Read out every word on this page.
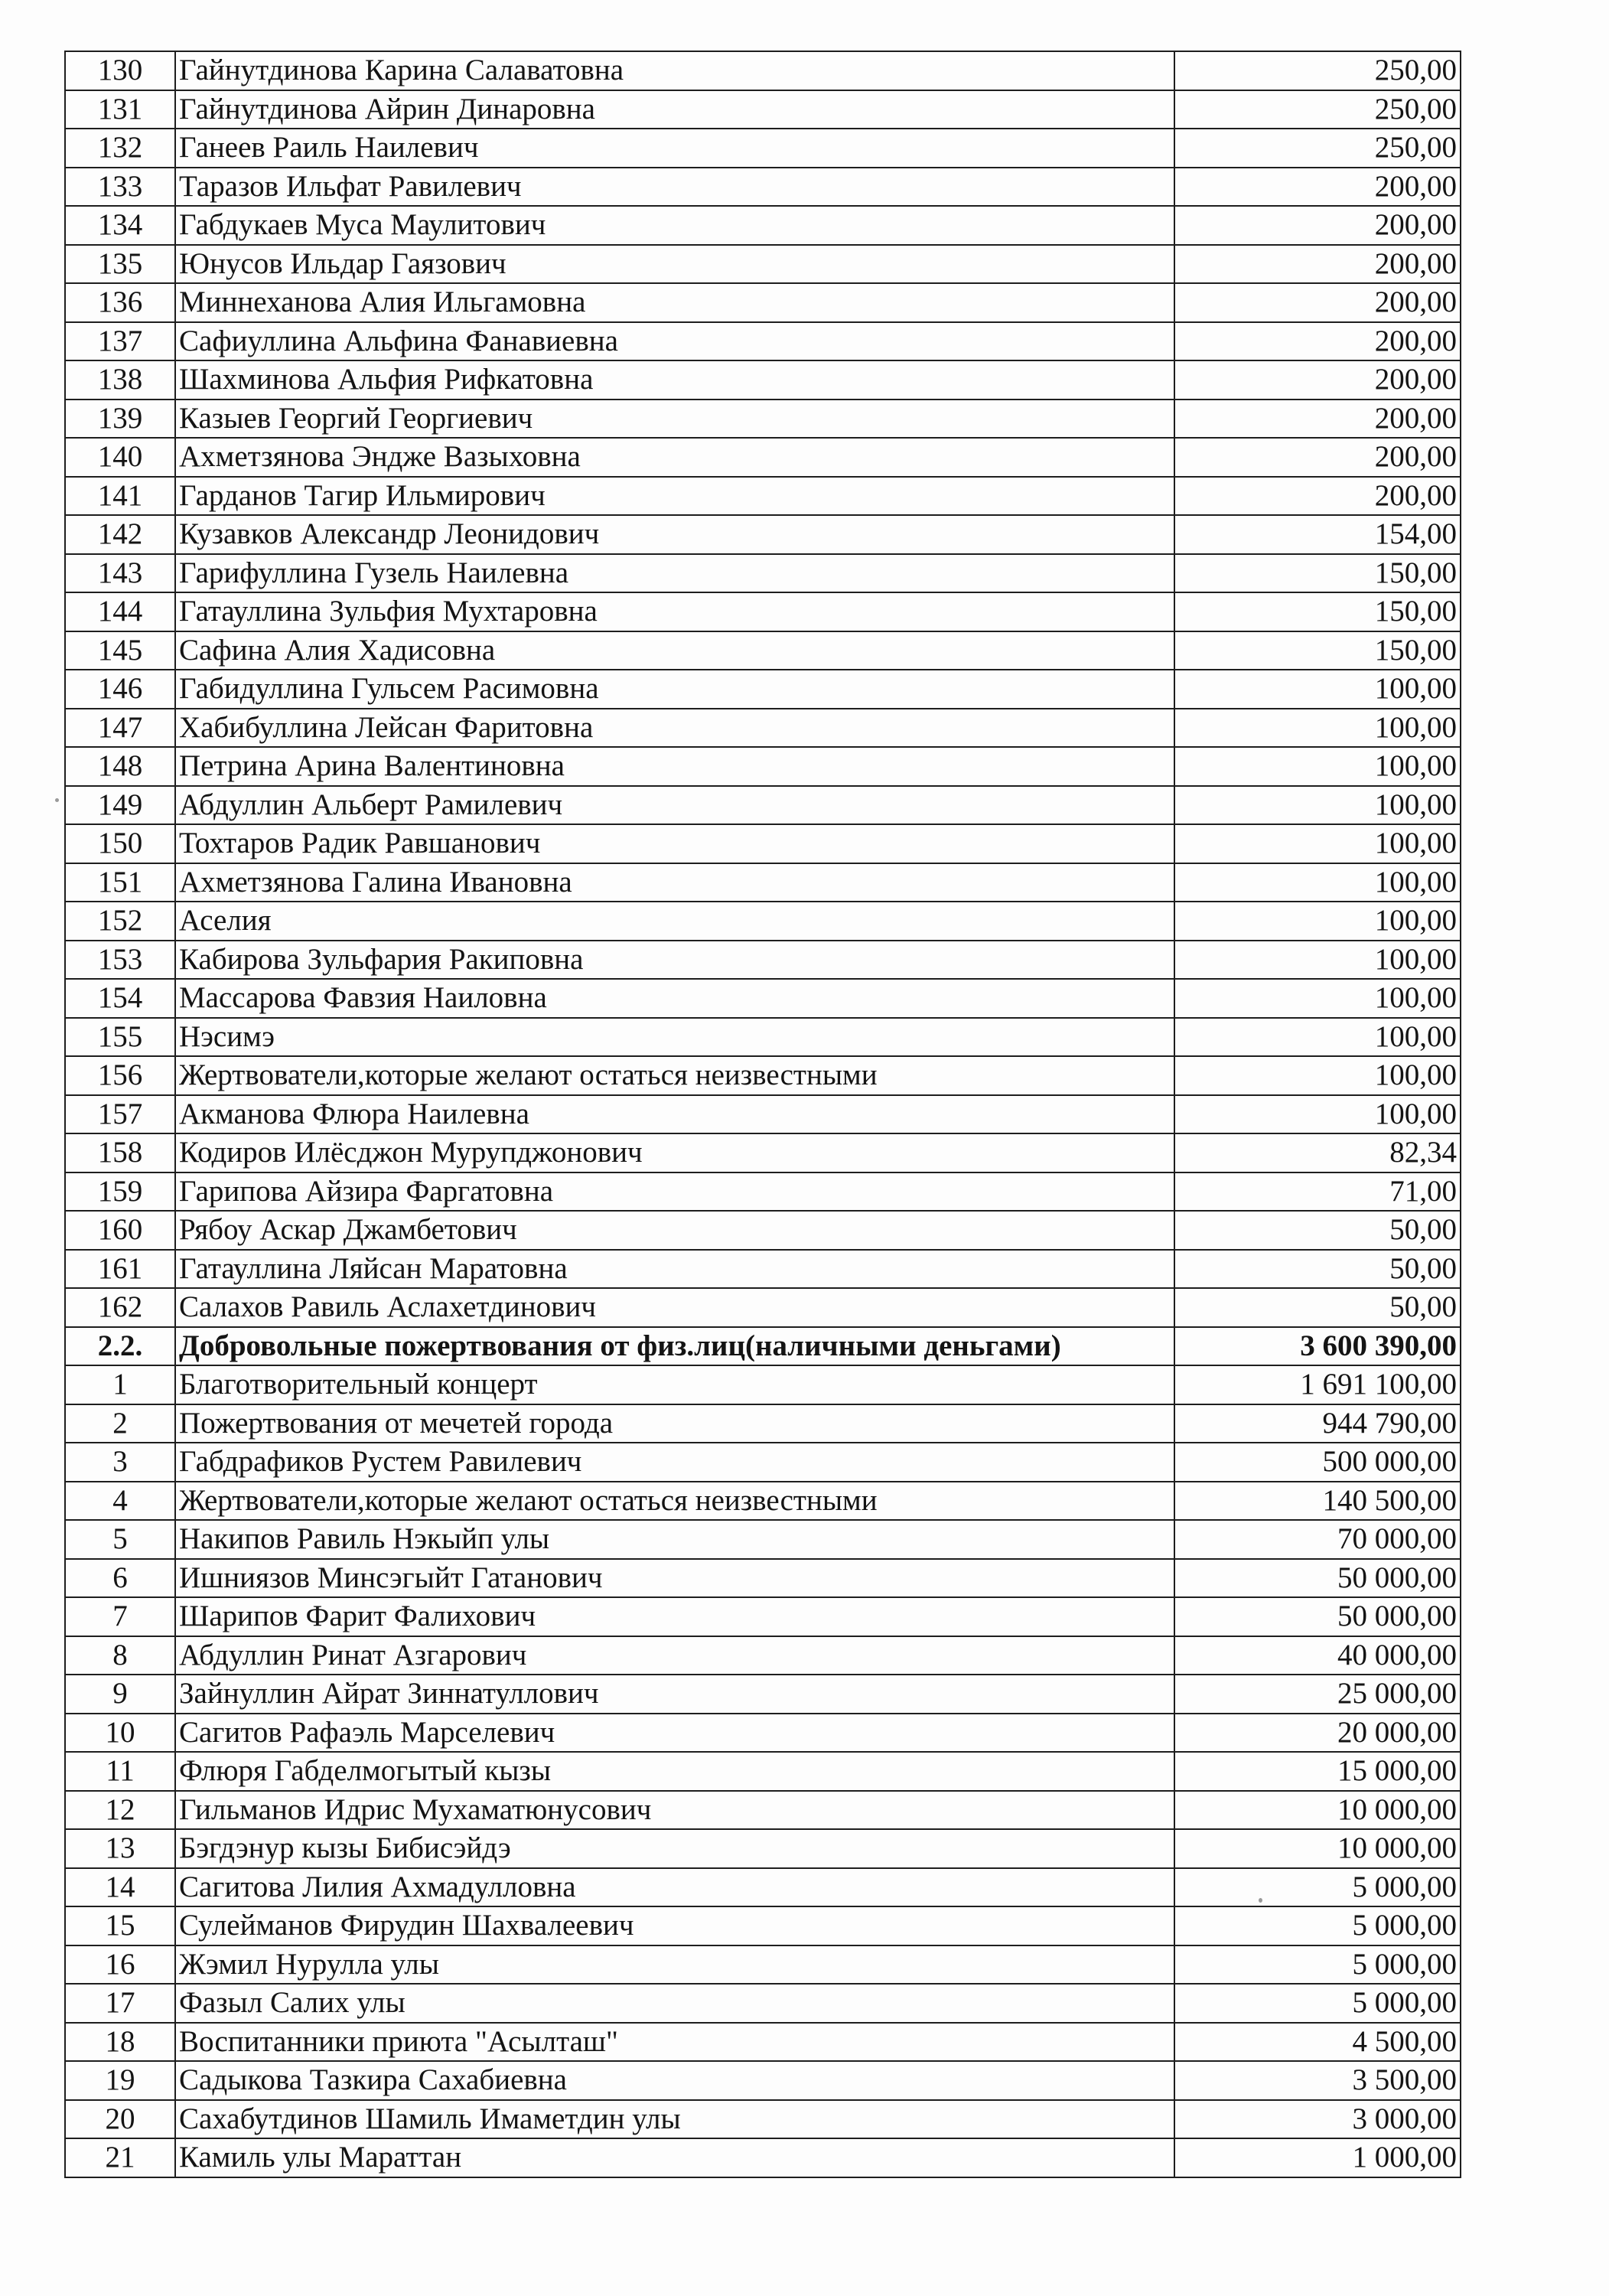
130	Гайнутдинова Карина Салаватовна	250,00
131	Гайнутдинова Айрин Динаровна	250,00
132	Ганеев Раиль Наилевич	250,00
133	Таразов Ильфат Равилевич	200,00
134	Габдукаев Муса Маулитович	200,00
135	Юнусов Ильдар Гаязович	200,00
136	Миннеханова Алия Ильгамовна	200,00
137	Сафиуллина Альфина Фанавиевна	200,00
138	Шахминова Альфия Рифкатовна	200,00
139	Казыев Георгий Георгиевич	200,00
140	Ахметзянова Эндже Вазыховна	200,00
141	Гарданов Тагир Ильмирович	200,00
142	Кузавков Александр Леонидович	154,00
143	Гарифуллина Гузель Наилевна	150,00
144	Гатауллина Зульфия Мухтаровна	150,00
145	Сафина Алия Хадисовна	150,00
146	Габидуллина Гульсем Расимовна	100,00
147	Хабибуллина Лейсан Фаритовна	100,00
148	Петрина Арина Валентиновна	100,00
149	Абдуллин Альберт Рамилевич	100,00
150	Тохтаров Радик Равшанович	100,00
151	Ахметзянова Галина Ивановна	100,00
152	Аселия	100,00
153	Кабирова Зульфария Ракиповна	100,00
154	Массарова Фавзия Наиловна	100,00
155	Нэсимэ	100,00
156	Жертвователи,которые желают остаться неизвестными	100,00
157	Акманова Флюра Наилевна	100,00
158	Кодиров Илёсджон Мурупджонович	82,34
159	Гарипова Айзира Фаргатовна	71,00
160	Рябоу Аскар Джамбетович	50,00
161	Гатауллина Ляйсан Маратовна	50,00
162	Салахов Равиль Аслахетдинович	50,00
2.2.	Добровольные пожертвования от физ.лиц(наличными деньгами)	3 600 390,00
1	Благотворительный концерт	1 691 100,00
2	Пожертвования от мечетей города	944 790,00
3	Габдрафиков Рустем Равилевич	500 000,00
4	Жертвователи,которые желают остаться неизвестными	140 500,00
5	Накипов Равиль Нэкыйп улы	70 000,00
6	Ишниязов Минсэгыйт Гатанович	50 000,00
7	Шарипов Фарит Фалихович	50 000,00
8	Абдуллин Ринат Азгарович	40 000,00
9	Зайнуллин Айрат Зиннатуллович	25 000,00
10	Сагитов Рафаэль Марселевич	20 000,00
11	Флюря Габделмогытый кызы	15 000,00
12	Гильманов Идрис Мухаматюнусович	10 000,00
13	Бэгдэнур кызы Бибисэйдэ	10 000,00
14	Сагитова Лилия Ахмадулловна	5 000,00
15	Сулейманов Фирудин Шахвалеевич	5 000,00
16	Жэмил Нурулла улы	5 000,00
17	Фазыл Салих улы	5 000,00
18	Воспитанники приюта "Асылташ"	4 500,00
19	Садыкова Тазкира Сахабиевна	3 500,00
20	Сахабутдинов Шамиль Имаметдин улы	3 000,00
21	Камиль улы Мараттан	1 000,00
